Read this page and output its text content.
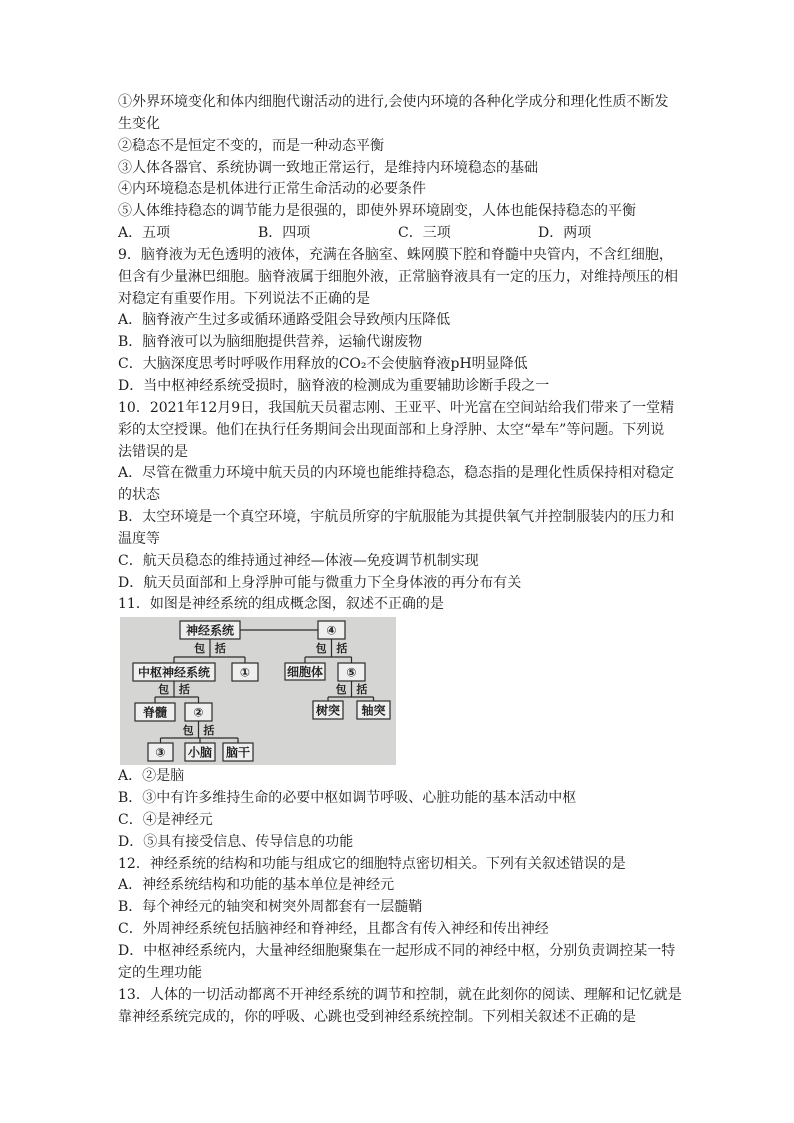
①外界环境变化和体内细胞代谢活动的进行,会使内环境的各种化学成分和理化性质不断发
生变化
②稳态不是恒定不变的，而是一种动态平衡
③人体各器官、系统协调一致地正常运行，是维持内环境稳态的基础
④内环境稳态是机体进行正常生命活动的必要条件
⑤人体维持稳态的调节能力是很强的，即使外界环境剧变，人体也能保持稳态的平衡
A．五项	B．四项	C．三项	D．两项
9．脑脊液为无色透明的液体，充满在各脑室、蛛网膜下腔和脊髓中央管内，不含红细胞，
但含有少量淋巴细胞。脑脊液属于细胞外液，正常脑脊液具有一定的压力，对维持颅压的相
对稳定有重要作用。下列说法不正确的是
A．脑脊液产生过多或循环通路受阻会导致颅内压降低
B．脑脊液可以为脑细胞提供营养，运输代谢废物
C．大脑深度思考时呼吸作用释放的CO₂不会使脑脊液pH明显降低
D．当中枢神经系统受损时，脑脊液的检测成为重要辅助诊断手段之一
10．2021年12月9日，我国航天员翟志刚、王亚平、叶光富在空间站给我们带来了一堂精
彩的太空授课。他们在执行任务期间会出现面部和上身浮肿、太空“晕车”等问题。下列说
法错误的是
A．尽管在微重力环境中航天员的内环境也能维持稳态，稳态指的是理化性质保持相对稳定
的状态
B．太空环境是一个真空环境，宇航员所穿的宇航服能为其提供氧气并控制服装内的压力和
温度等
C．航天员稳态的维持通过神经—体液—免疫调节机制实现
D．航天员面部和上身浮肿可能与微重力下全身体液的再分布有关
11．如图是神经系统的组成概念图，叙述不正确的是
包 括	包 括
包 括
包 括
包 括
神经系统	④
中枢神经系统 ①	细胞体 ⑤
树突 轴突
脊髓 ②
③ 小脑 脑干
A．②是脑
B．③中有许多维持生命的必要中枢如调节呼吸、心脏功能的基本活动中枢
C．④是神经元
D．⑤具有接受信息、传导信息的功能
12．神经系统的结构和功能与组成它的细胞特点密切相关。下列有关叙述错误的是
A．神经系统结构和功能的基本单位是神经元
B．每个神经元的轴突和树突外周都套有一层髓鞘
C．外周神经系统包括脑神经和脊神经，且都含有传入神经和传出神经
D．中枢神经系统内，大量神经细胞聚集在一起形成不同的神经中枢，分别负责调控某一特
定的生理功能
13．人体的一切活动都离不开神经系统的调节和控制，就在此刻你的阅读、理解和记忆就是
靠神经系统完成的，你的呼吸、心跳也受到神经系统控制。下列相关叙述不正确的是
